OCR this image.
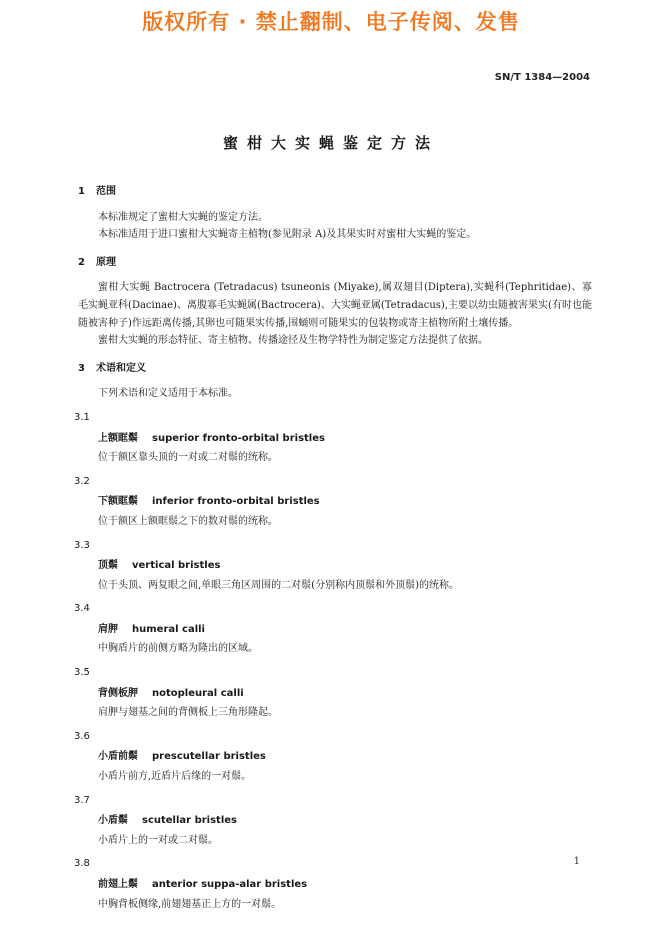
版权所有 · 禁止翻制、电子传阅、发售
SN/T 1384—2004
蜜柑大实蝇鉴定方法
1 范围

本标准规定了蜜柑大实蝇的鉴定方法。

本标准适用于进口蜜柑大实蝇寄主植物(参见附录 A)及其果实时对蜜柑大实蝇的鉴定。

2 原理

蜜柑大实蝇 Bactrocera (Tetradacus) tsuneonis (Miyake),属双翅目(Diptera),实蝇科(Tephritidae)、寡毛实蝇亚科(Dacinae)、离腹寡毛实蝇属(Bactrocera)、大实蝇亚属(Tetradacus),主要以幼虫随被害果实(有时也能随被害种子)作远距离传播,其卵也可随果实传播,围蛹则可随果实的包装物或寄主植物所附土壤传播。

蜜柑大实蝇的形态特征、寄主植物、传播途径及生物学特性为制定鉴定方法提供了依据。

3 术语和定义

下列术语和定义适用于本标准。

3.1
上额眶鬃 superior fronto-orbital bristles
位于额区靠头顶的一对或二对鬃的统称。
3.2
下额眶鬃 inferior fronto-orbital bristles
位于额区上额眶鬃之下的数对鬃的统称。
3.3
顶鬃 vertical bristles
位于头顶、两复眼之间,单眼三角区周围的二对鬃(分别称内顶鬃和外顶鬃)的统称。
3.4
肩胛 humeral calli
中胸盾片的前侧方略为隆出的区域。
3.5
背侧板胛 notopleural calli
肩胛与翅基之间的背侧板上三角形隆起。
3.6
小盾前鬃 prescutellar bristles
小盾片前方,近盾片后缘的一对鬃。
3.7
小盾鬃 scutellar bristles
小盾片上的一对或二对鬃。
3.8
前翅上鬃 anterior suppa-alar bristles
中胸背板侧缘,前翅翅基正上方的一对鬃。
1
